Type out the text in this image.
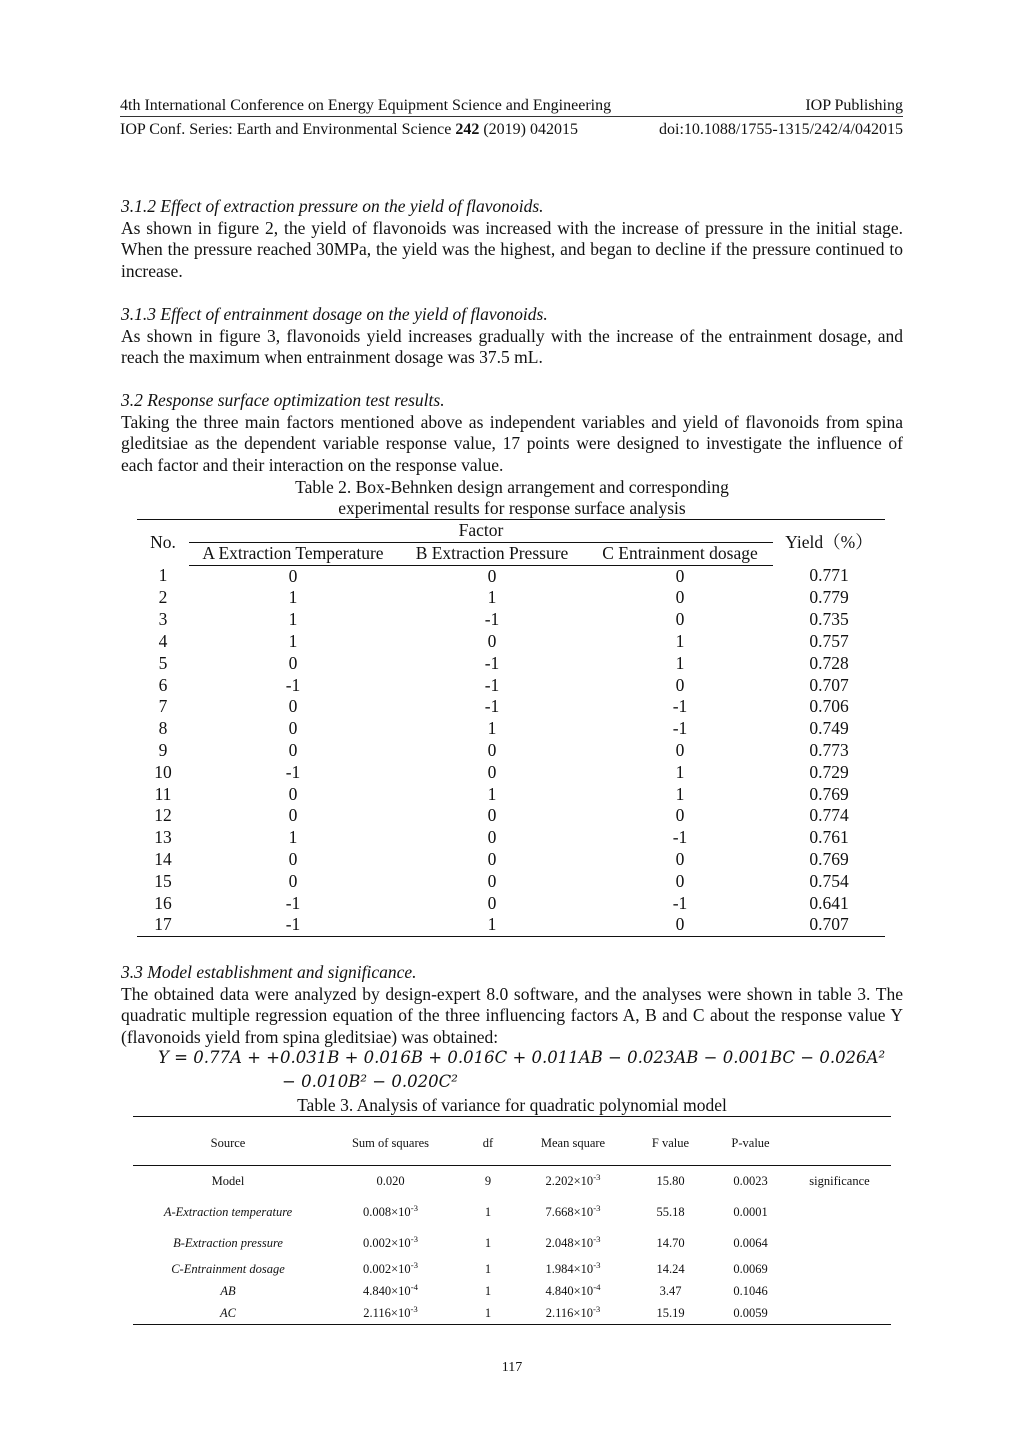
4th International Conference on Energy Equipment Science and Engineering	IOP Publishing
IOP Conf. Series: Earth and Environmental Science 242 (2019) 042015	doi:10.1088/1755-1315/242/4/042015
3.1.2 Effect of extraction pressure on the yield of flavonoids.
As shown in figure 2, the yield of flavonoids was increased with the increase of pressure in the initial stage. When the pressure reached 30MPa, the yield was the highest, and began to decline if the pressure continued to increase.
3.1.3 Effect of entrainment dosage on the yield of flavonoids.
As shown in figure 3, flavonoids yield increases gradually with the increase of the entrainment dosage, and reach the maximum when entrainment dosage was 37.5 mL.
3.2 Response surface optimization test results.
Taking the three main factors mentioned above as independent variables and yield of flavonoids from spina gleditsiae as the dependent variable response value, 17 points were designed to investigate the influence of each factor and their interaction on the response value.
Table 2. Box-Behnken design arrangement and corresponding
experimental results for response surface analysis
No.	Factor			Yield（%）
	A Extraction Temperature	B Extraction Pressure	C Entrainment dosage	
1	0	0	0	0.771
2	1	1	0	0.779
3	1	-1	0	0.735
4	1	0	1	0.757
5	0	-1	1	0.728
6	-1	-1	0	0.707
7	0	-1	-1	0.706
8	0	1	-1	0.749
9	0	0	0	0.773
10	-1	0	1	0.729
11	0	1	1	0.769
12	0	0	0	0.774
13	1	0	-1	0.761
14	0	0	0	0.769
15	0	0	0	0.754
16	-1	0	-1	0.641
17	-1	1	0	0.707
3.3 Model establishment and significance.
The obtained data were analyzed by design-expert 8.0 software, and the analyses were shown in table 3. The quadratic multiple regression equation of the three influencing factors A, B and C about the response value Y (flavonoids yield from spina gleditsiae) was obtained:
Y = 0.77A + +0.031B + 0.016B + 0.016C + 0.011AB − 0.023AB − 0.001BC − 0.026A²
− 0.010B² − 0.020C²
Table 3. Analysis of variance for quadratic polynomial model
Source	Sum of squares	df	Mean square	F value	P-value	
Model	0.020	9	$2.202\times 10^{-3}$	15.80	0.0023	significance
A-Extraction temperature	$0.008\times 10^{-3}$	1	$7.668\times 10^{-3}$	55.18	0.0001	
B-Extraction pressure	$0.002\times 10^{-3}$	1	$2.048\times 10^{-3}$	14.70	0.0064	
C-Entrainment dosage	$0.002\times 10^{-3}$	1	$1.984\times 10^{-3}$	14.24	0.0069	
AB	$4.840\times 10^{-4}$	1	$4.840\times 10^{-4}$	3.47	0.1046	
AC	$2.116\times 10^{-3}$	1	$2.116\times 10^{-3}$	15.19	0.0059	
117
